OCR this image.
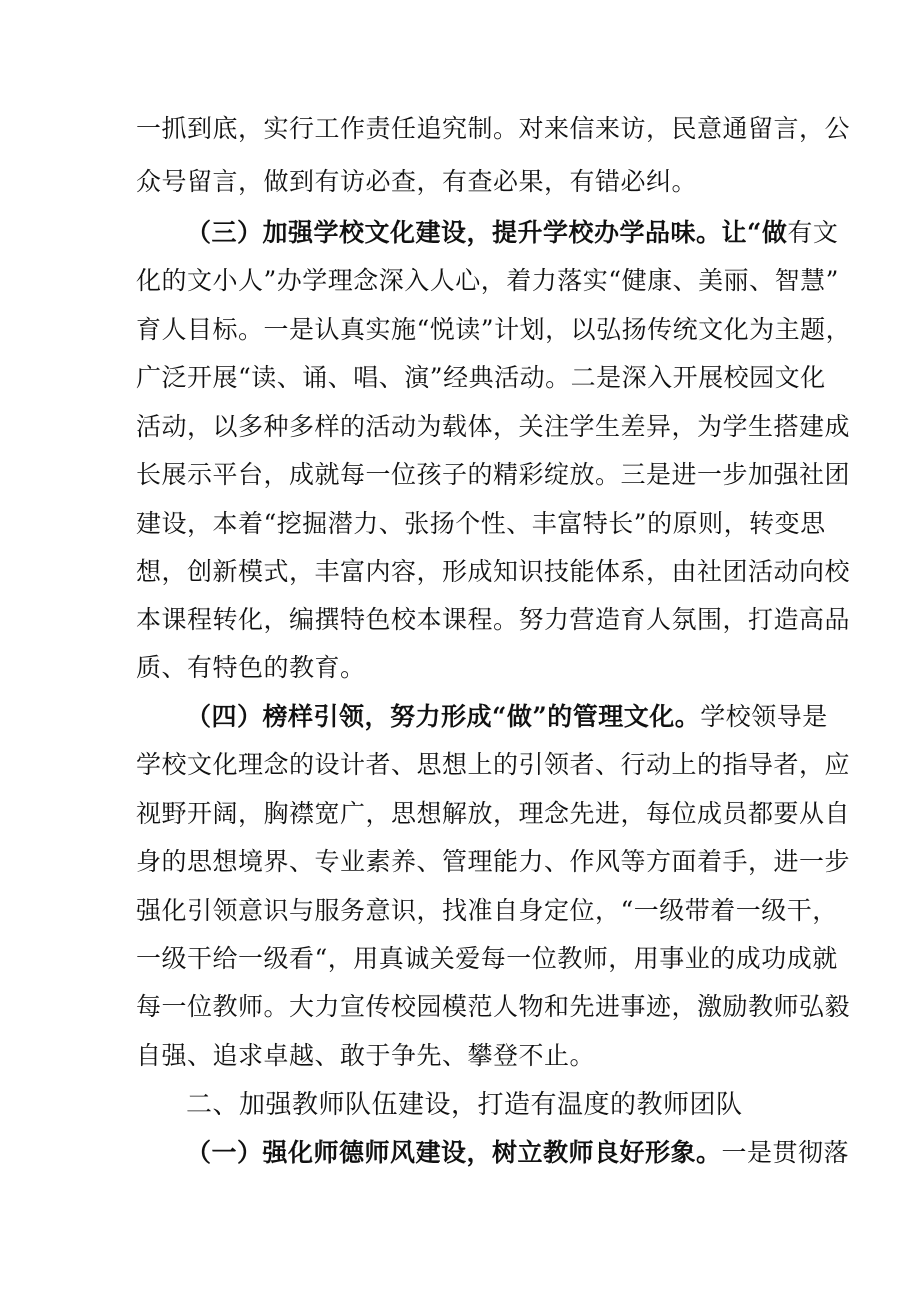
一抓到底，实行工作责任追究制。对来信来访，民意通留言，公
众号留言，做到有访必查，有查必果，有错必纠。
（三）加强学校文化建设，提升学校办学品味。让“做有文
化的文小人”办学理念深入人心，着力落实“健康、美丽、智慧”
育人目标。一是认真实施“悦读”计划，以弘扬传统文化为主题，
广泛开展“读、诵、唱、演”经典活动。二是深入开展校园文化
活动，以多种多样的活动为载体，关注学生差异，为学生搭建成
长展示平台，成就每一位孩子的精彩绽放。三是进一步加强社团
建设，本着“挖掘潜力、张扬个性、丰富特长”的原则，转变思
想，创新模式，丰富内容，形成知识技能体系，由社团活动向校
本课程转化，编撰特色校本课程。努力营造育人氛围，打造高品
质、有特色的教育。
（四）榜样引领，努力形成“做”的管理文化。学校领导是
学校文化理念的设计者、思想上的引领者、行动上的指导者，应
视野开阔，胸襟宽广，思想解放，理念先进，每位成员都要从自
身的思想境界、专业素养、管理能力、作风等方面着手，进一步
强化引领意识与服务意识，找准自身定位，“一级带着一级干，
一级干给一级看“，用真诚关爱每一位教师，用事业的成功成就
每一位教师。大力宣传校园模范人物和先进事迹，激励教师弘毅
自强、追求卓越、敢于争先、攀登不止。
二、加强教师队伍建设，打造有温度的教师团队
（一）强化师德师风建设，树立教师良好形象。一是贯彻落
